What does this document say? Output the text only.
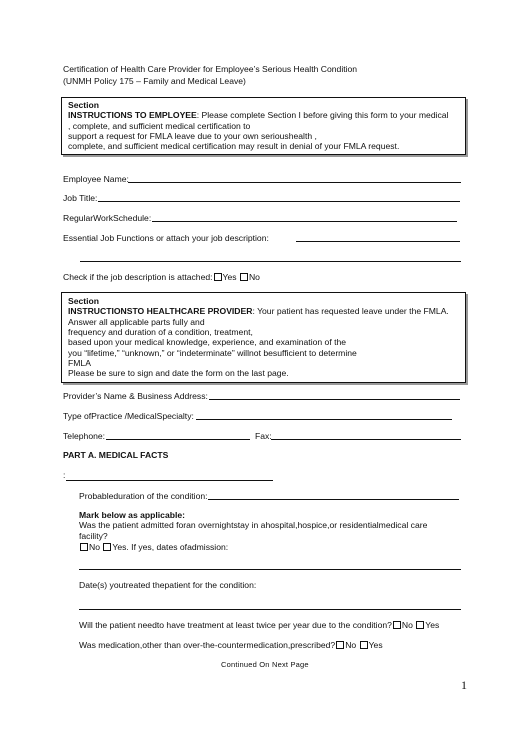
Certification of Health Care Provider for Employee’s Serious Health Condition
(UNMH Policy 175 – Family and Medical Leave)
Section
INSTRUCTIONS TO EMPLOYEE: Please complete Section I before giving this form to your medical
, complete, and sufficient medical certification to
support a request for FMLA leave due to your own serioushealth ,
complete, and sufficient medical certification may result in denial of your FMLA request.
Employee Name:
Job Title:
RegularWorkSchedule:
Essential Job Functions or attach your job description:
Check if the job description is attached: Yes No
Section
INSTRUCTIONSTO HEALTHCARE PROVIDER: Your patient has requested leave under the FMLA.
Answer all applicable parts fully and
frequency and duration of a condition, treatment,
based upon your medical knowledge, experience, and examination of the
you “lifetime,” “unknown,” or “indeterminate” willnot besufficient to determine
FMLA
Please be sure to sign and date the form on the last page.
Provider’s Name & Business Address:
Type ofPractice /MedicalSpecialty:
Telephone:	Fax:
PART A. MEDICAL FACTS
:
Probableduration of the condition:
Mark below as applicable:
Was the patient admitted foran overnightstay in ahospital,hospice,or residentialmedical care
facility?
No Yes. If yes, dates ofadmission:
Date(s) youtreated thepatient for the condition:
Will the patient needto have treatment at least twice per year due to the condition? No Yes
Was medication,other than over-the-countermedication,prescribed? No Yes
Continued On Next Page
1
